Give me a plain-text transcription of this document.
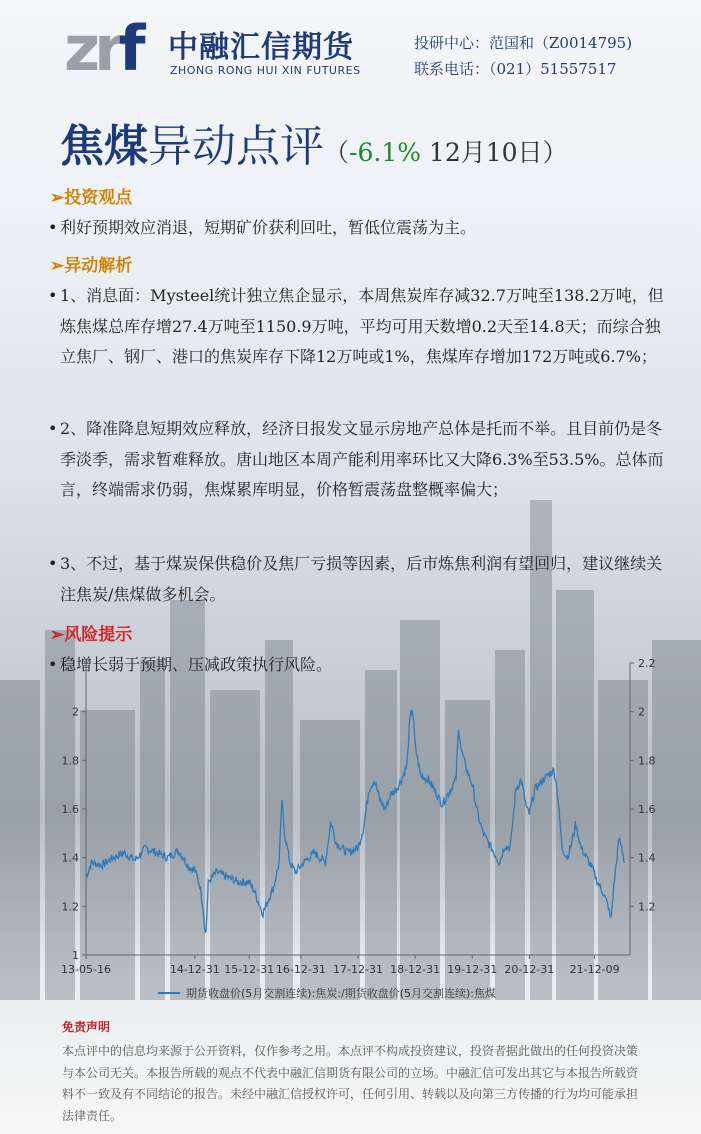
zrf 中融汇信期货
ZHONG RONG HUI XIN FUTURES
投研中心：范国和（Z0014795)
联系电话：（021）51557517
焦煤异动点评（-6.1% 12月10日）
➢投资观点
• 利好预期效应消退，短期矿价获利回吐，暂低位震荡为主。
➢异动解析
• 1、消息面：Mysteel统计独立焦企显示，本周焦炭库存减32.7万吨至138.2万吨，但炼焦煤总库存增27.4万吨至1150.9万吨，平均可用天数增0.2天至14.8天；而综合独立焦厂、钢厂、港口的焦炭库存下降12万吨或1%，焦煤库存增加172万吨或6.7%；
• 2、降准降息短期效应释放，经济日报发文显示房地产总体是托而不举。且目前仍是冬季淡季，需求暂难释放。唐山地区本周产能利用率环比又大降6.3%至53.5%。总体而言，终端需求仍弱，焦煤累库明显，价格暂震荡盘整概率偏大；
• 3、不过，基于煤炭保供稳价及焦厂亏损等因素，后市炼焦利润有望回归，建议继续关注焦炭/焦煤做多机会。
➢风险提示
• 稳增长弱于预期、压减政策执行风险。
1
1.2
1.4
1.6
1.8
2
1.2
1.4
1.6
1.8
2
2.2
13-05-16	14-12-31 15-12-31 16-12-31 17-12-31 18-12-31 19-12-31 20-12-31 21-12-09
期货收盘价(5月交割连续):焦炭:/期货收盘价(5月交割连续):焦煤
免责声明
本点评中的信息均来源于公开资料，仅作参考之用。本点评不构成投资建议，投资者据此做出的任何投资决策与本公司无关。本报告所载的观点不代表中融汇信期货有限公司的立场。中融汇信可发出其它与本报告所载资料不一致及有不同结论的报告。未经中融汇信授权许可，任何引用、转载以及向第三方传播的行为均可能承担法律责任。
